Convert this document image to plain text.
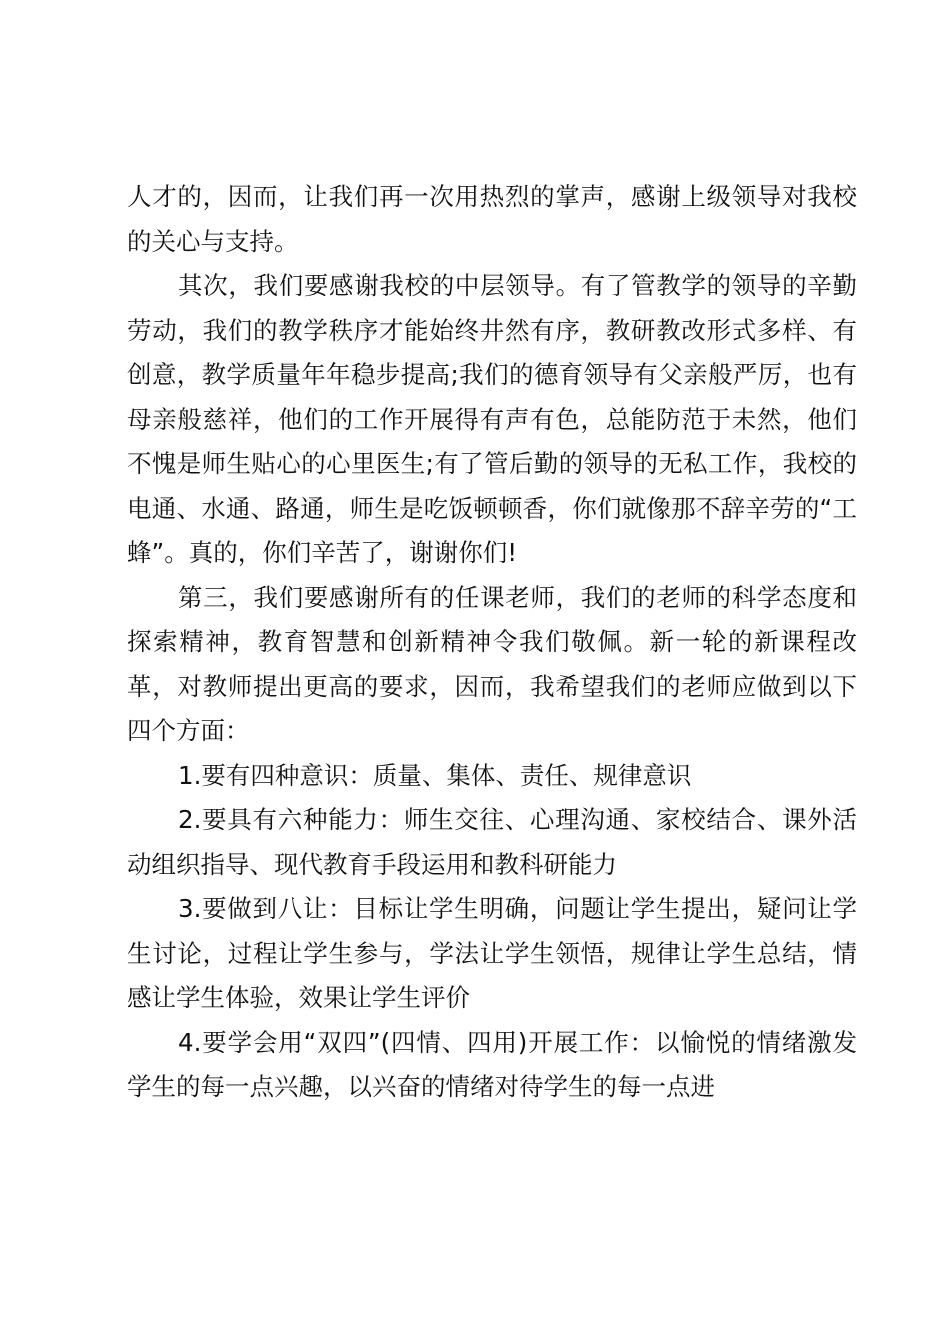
人才的，因而，让我们再一次用热烈的掌声，感谢上级领导对我校的关心与支持。

其次，我们要感谢我校的中层领导。有了管教学的领导的辛勤劳动，我们的教学秩序才能始终井然有序，教研教改形式多样、有创意，教学质量年年稳步提高;我们的德育领导有父亲般严厉，也有母亲般慈祥，他们的工作开展得有声有色，总能防范于未然，他们不愧是师生贴心的心里医生;有了管后勤的领导的无私工作，我校的电通、水通、路通，师生是吃饭顿顿香，你们就像那不辞辛劳的“工蜂”。真的，你们辛苦了，谢谢你们!

第三，我们要感谢所有的任课老师，我们的老师的科学态度和探索精神，教育智慧和创新精神令我们敬佩。新一轮的新课程改革，对教师提出更高的要求，因而，我希望我们的老师应做到以下四个方面：

1.要有四种意识：质量、集体、责任、规律意识

2.要具有六种能力：师生交往、心理沟通、家校结合、课外活动组织指导、现代教育手段运用和教科研能力

3.要做到八让：目标让学生明确，问题让学生提出，疑问让学生讨论，过程让学生参与，学法让学生领悟，规律让学生总结，情感让学生体验，效果让学生评价

4.要学会用“双四”(四情、四用)开展工作：以愉悦的情绪激发学生的每一点兴趣，以兴奋的情绪对待学生的每一点进
